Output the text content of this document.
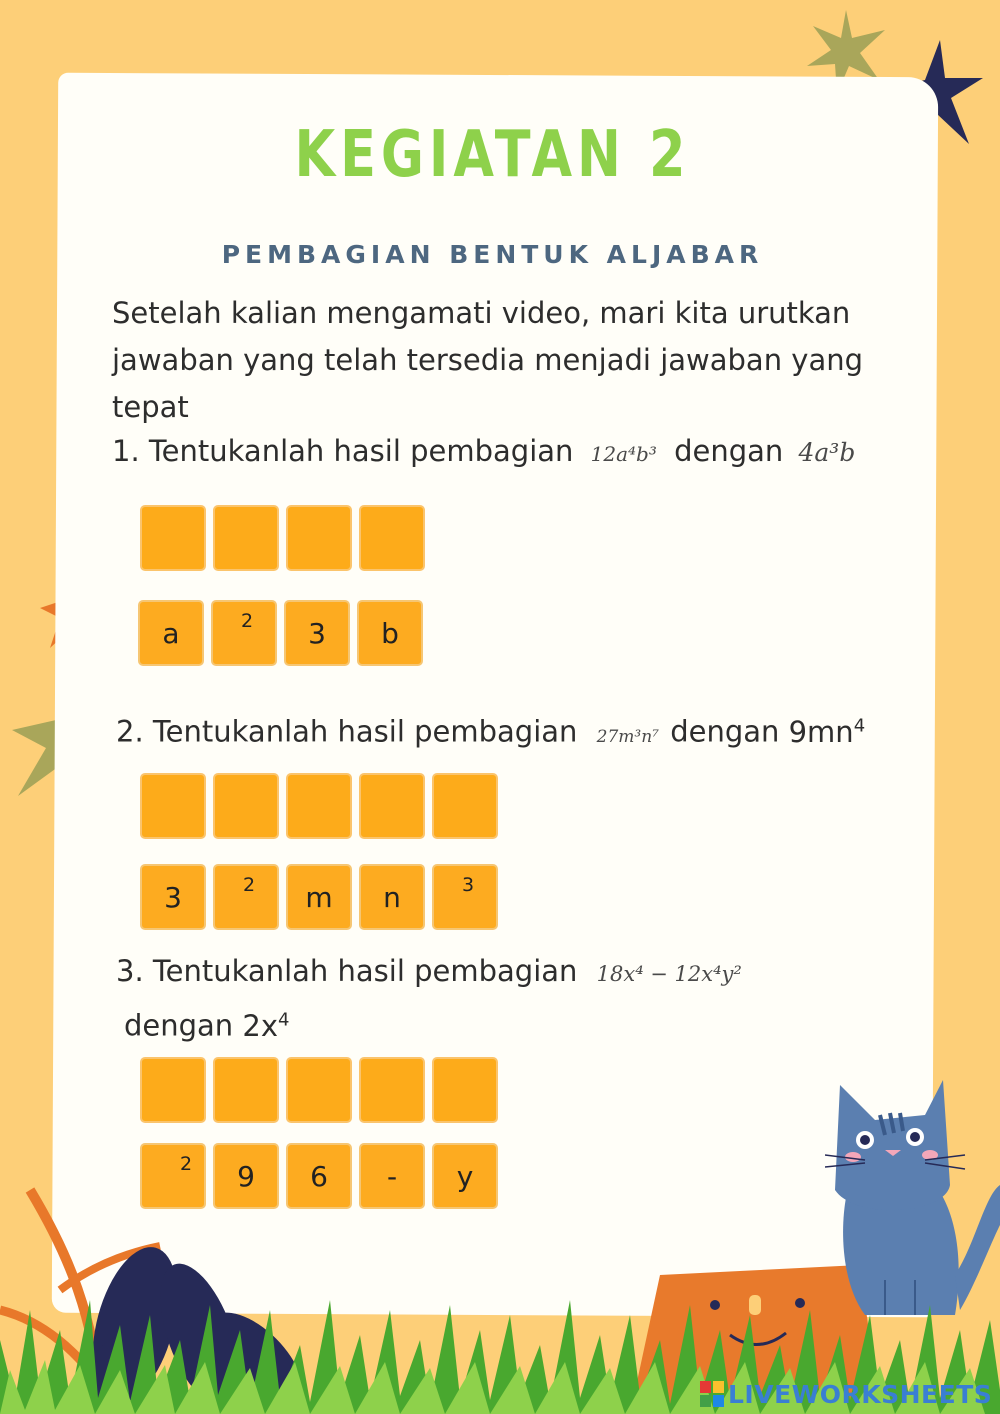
KEGIATAN 2
PEMBAGIAN BENTUK ALJABAR
Setelah kalian mengamati video, mari kita urutkan jawaban yang telah tersedia menjadi jawaban yang tepat
1. Tentukanlah hasil pembagian 12a⁴b³ dengan 4a³b
a	2	3	b
2. Tentukanlah hasil pembagian 27m³n⁷ dengan $9mn^4$
3	2	m	n	3
3. Tentukanlah hasil pembagian 18x⁴ − 12x⁴y²
dengan $2x^4$
2	9	6	-	y
LIVEWORKSHEETS
